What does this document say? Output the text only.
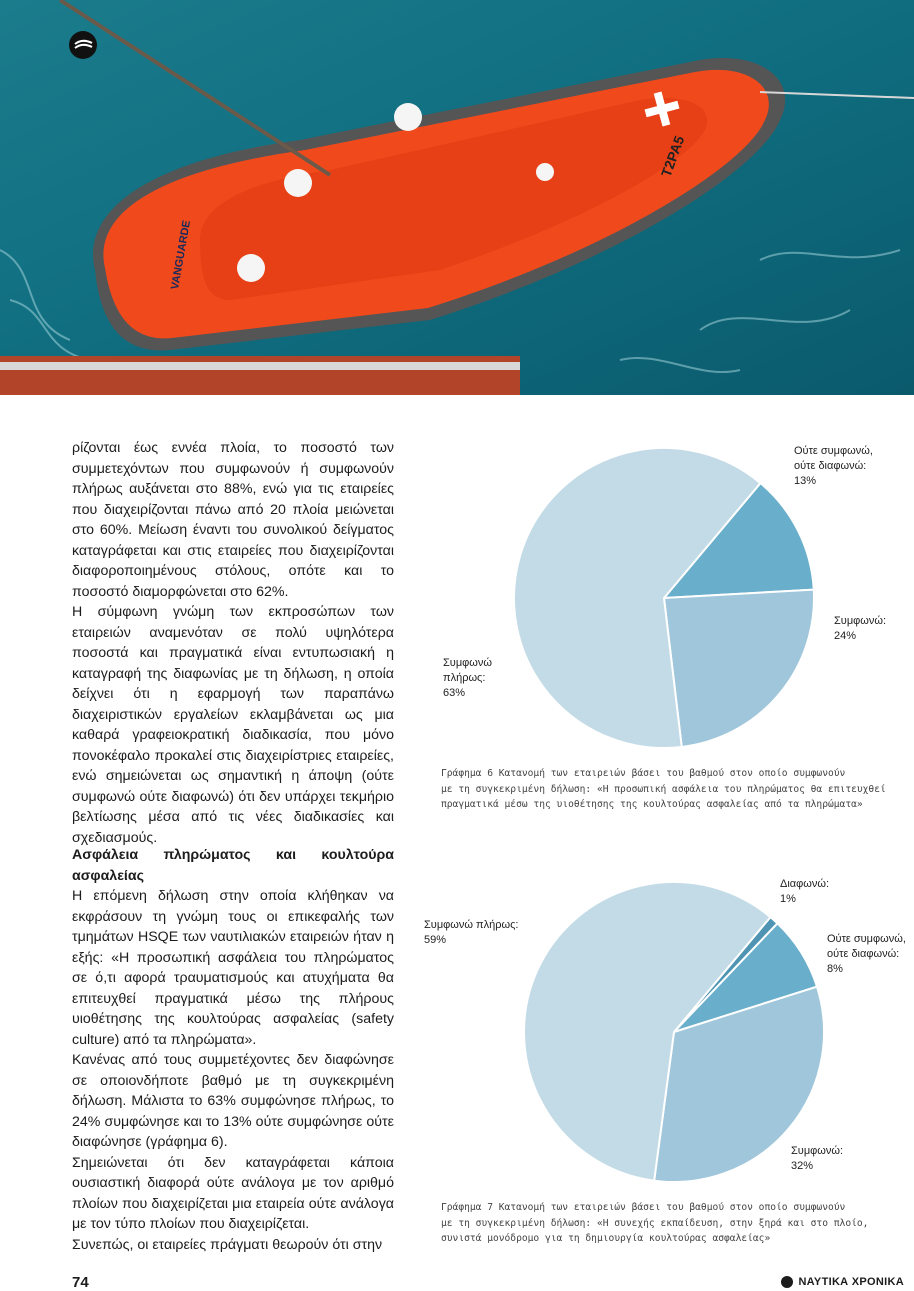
T2PA5
VANGUARDE

ρίζονται έως εννέα πλοία, το ποσοστό των συμμετεχόντων που συμφωνούν ή συμφωνούν πλήρως αυξάνεται στο 88%, ενώ για τις εταιρείες που διαχειρίζονται πάνω από 20 πλοία μειώνεται στο 60%. Μείωση έναντι του συνολικού δείγματος καταγράφεται και στις εταιρείες που διαχειρίζονται διαφοροποιημένους στόλους, οπότε και το ποσοστό διαμορφώνεται στο 62%.

Η σύμφωνη γνώμη των εκπροσώπων των εταιρειών αναμενόταν σε πολύ υψηλότερα ποσοστά και πραγματικά είναι εντυπωσιακή η καταγραφή της διαφωνίας με τη δήλωση, η οποία δείχνει ότι η εφαρμογή των παραπάνω διαχειριστικών εργαλείων εκλαμβάνεται ως μια καθαρά γραφειοκρατική διαδικασία, που μόνο πονοκέφαλο προκαλεί στις διαχειρίστριες εταιρείες, ενώ σημειώνεται ως σημαντική η άποψη (ούτε συμφωνώ ούτε διαφωνώ) ότι δεν υπάρχει τεκμήριο βελτίωσης μέσα από τις νέες διαδικασίες και σχεδιασμούς.

Ασφάλεια πληρώματος και κουλτούρα ασφαλείας

Η επόμενη δήλωση στην οποία κλήθηκαν να εκφράσουν τη γνώμη τους οι επικεφαλής των τμημάτων HSQE των ναυτιλιακών εταιρειών ήταν η εξής: «Η προσωπική ασφάλεια του πληρώματος σε ό,τι αφορά τραυματισμούς και ατυχήματα θα επιτευχθεί πραγματικά μέσω της πλήρους υιοθέτησης της κουλτούρας ασφαλείας (safety culture) από τα πληρώματα».

Κανένας από τους συμμετέχοντες δεν διαφώνησε σε οποιονδήποτε βαθμό με τη συγκεκριμένη δήλωση. Μάλιστα το 63% συμφώνησε πλήρως, το 24% συμφώνησε και το 13% ούτε συμφώνησε ούτε διαφώνησε (γράφημα 6).

Σημειώνεται ότι δεν καταγράφεται κάποια ουσιαστική διαφορά ούτε ανάλογα με τον αριθμό πλοίων που διαχειρίζεται μια εταιρεία ούτε ανάλογα με τον τύπο πλοίων που διαχειρίζεται.

Συνεπώς, οι εταιρείες πράγματι θεωρούν ότι στην

Ούτε συμφωνώ, ούτε διαφωνώ: 13%
Συμφωνώ: 24%
Συμφωνώ πλήρως: 63%
Γράφημα 6 Κατανομή των εταιρειών βάσει του βαθμού στον οποίο συμφωνούν
με τη συγκεκριμένη δήλωση: «Η προσωπική ασφάλεια του πληρώματος θα επιτευχθεί
πραγματικά μέσω της υιοθέτησης της κουλτούρας ασφαλείας από τα πληρώματα»
Διαφωνώ: 1%
Ούτε συμφωνώ, ούτε διαφωνώ: 8%
Συμφωνώ: 32%
Συμφωνώ πλήρως: 59%
Γράφημα 7 Κατανομή των εταιρειών βάσει του βαθμού στον οποίο συμφωνούν
με τη συγκεκριμένη δήλωση: «Η συνεχής εκπαίδευση, στην ξηρά και στο πλοίο,
συνιστά μονόδρομο για τη δημιουργία κουλτούρας ασφαλείας»
74	ΝΑΥΤΙΚΑ ΧΡΟΝΙΚΑ
